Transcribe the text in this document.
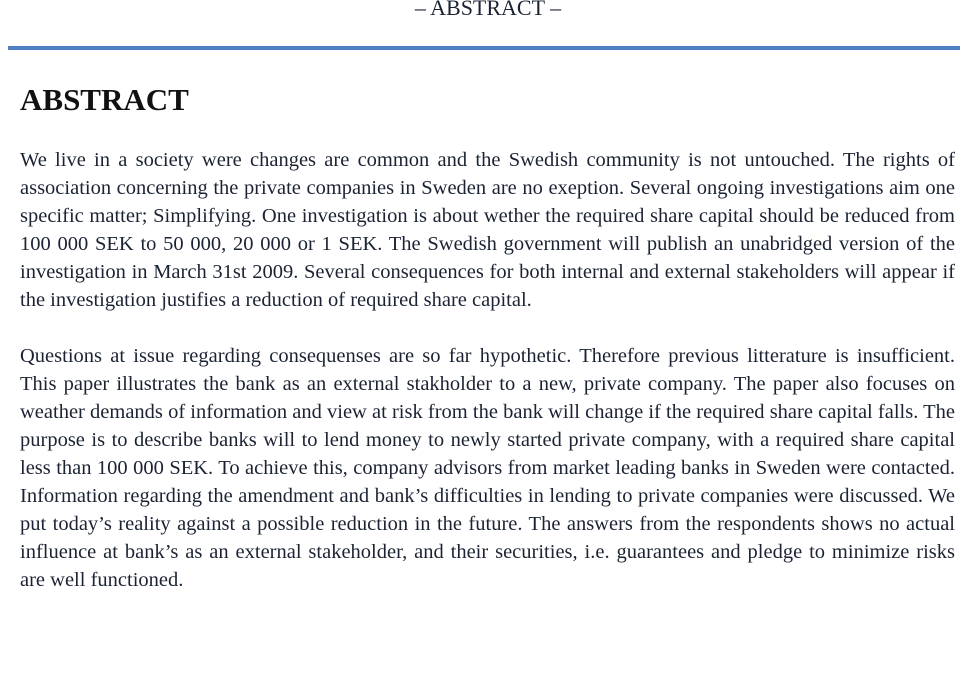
– ABSTRACT –
ABSTRACT

We live in a society were changes are common and the Swedish community is not untouched. The rights of association concerning the private companies in Sweden are no exeption. Several ongoing investigations aim one specific matter; Simplifying. One investigation is about wether the required share capital should be reduced from 100 000 SEK to 50 000, 20 000 or 1 SEK. The Swedish government will publish an unabridged version of the investigation in March 31st 2009. Several consequences for both internal and external stakeholders will appear if the investigation justifies a reduction of required share capital.

Questions at issue regarding consequenses are so far hypothetic. Therefore previous litterature is insufficient. This paper illustrates the bank as an external stakholder to a new, private company. The paper also focuses on weather demands of information and view at risk from the bank will change if the required share capital falls. The purpose is to describe banks will to lend money to newly started private company, with a required share capital less than 100 000 SEK. To achieve this, company advisors from market leading banks in Sweden were contacted. Information regarding the amendment and bank’s difficulties in lending to private companies were discussed. We put today’s reality against a possible reduction in the future. The answers from the respondents shows no actual influence at bank’s as an external stakeholder, and their securities, i.e. guarantees and pledge to minimize risks are well functioned.
